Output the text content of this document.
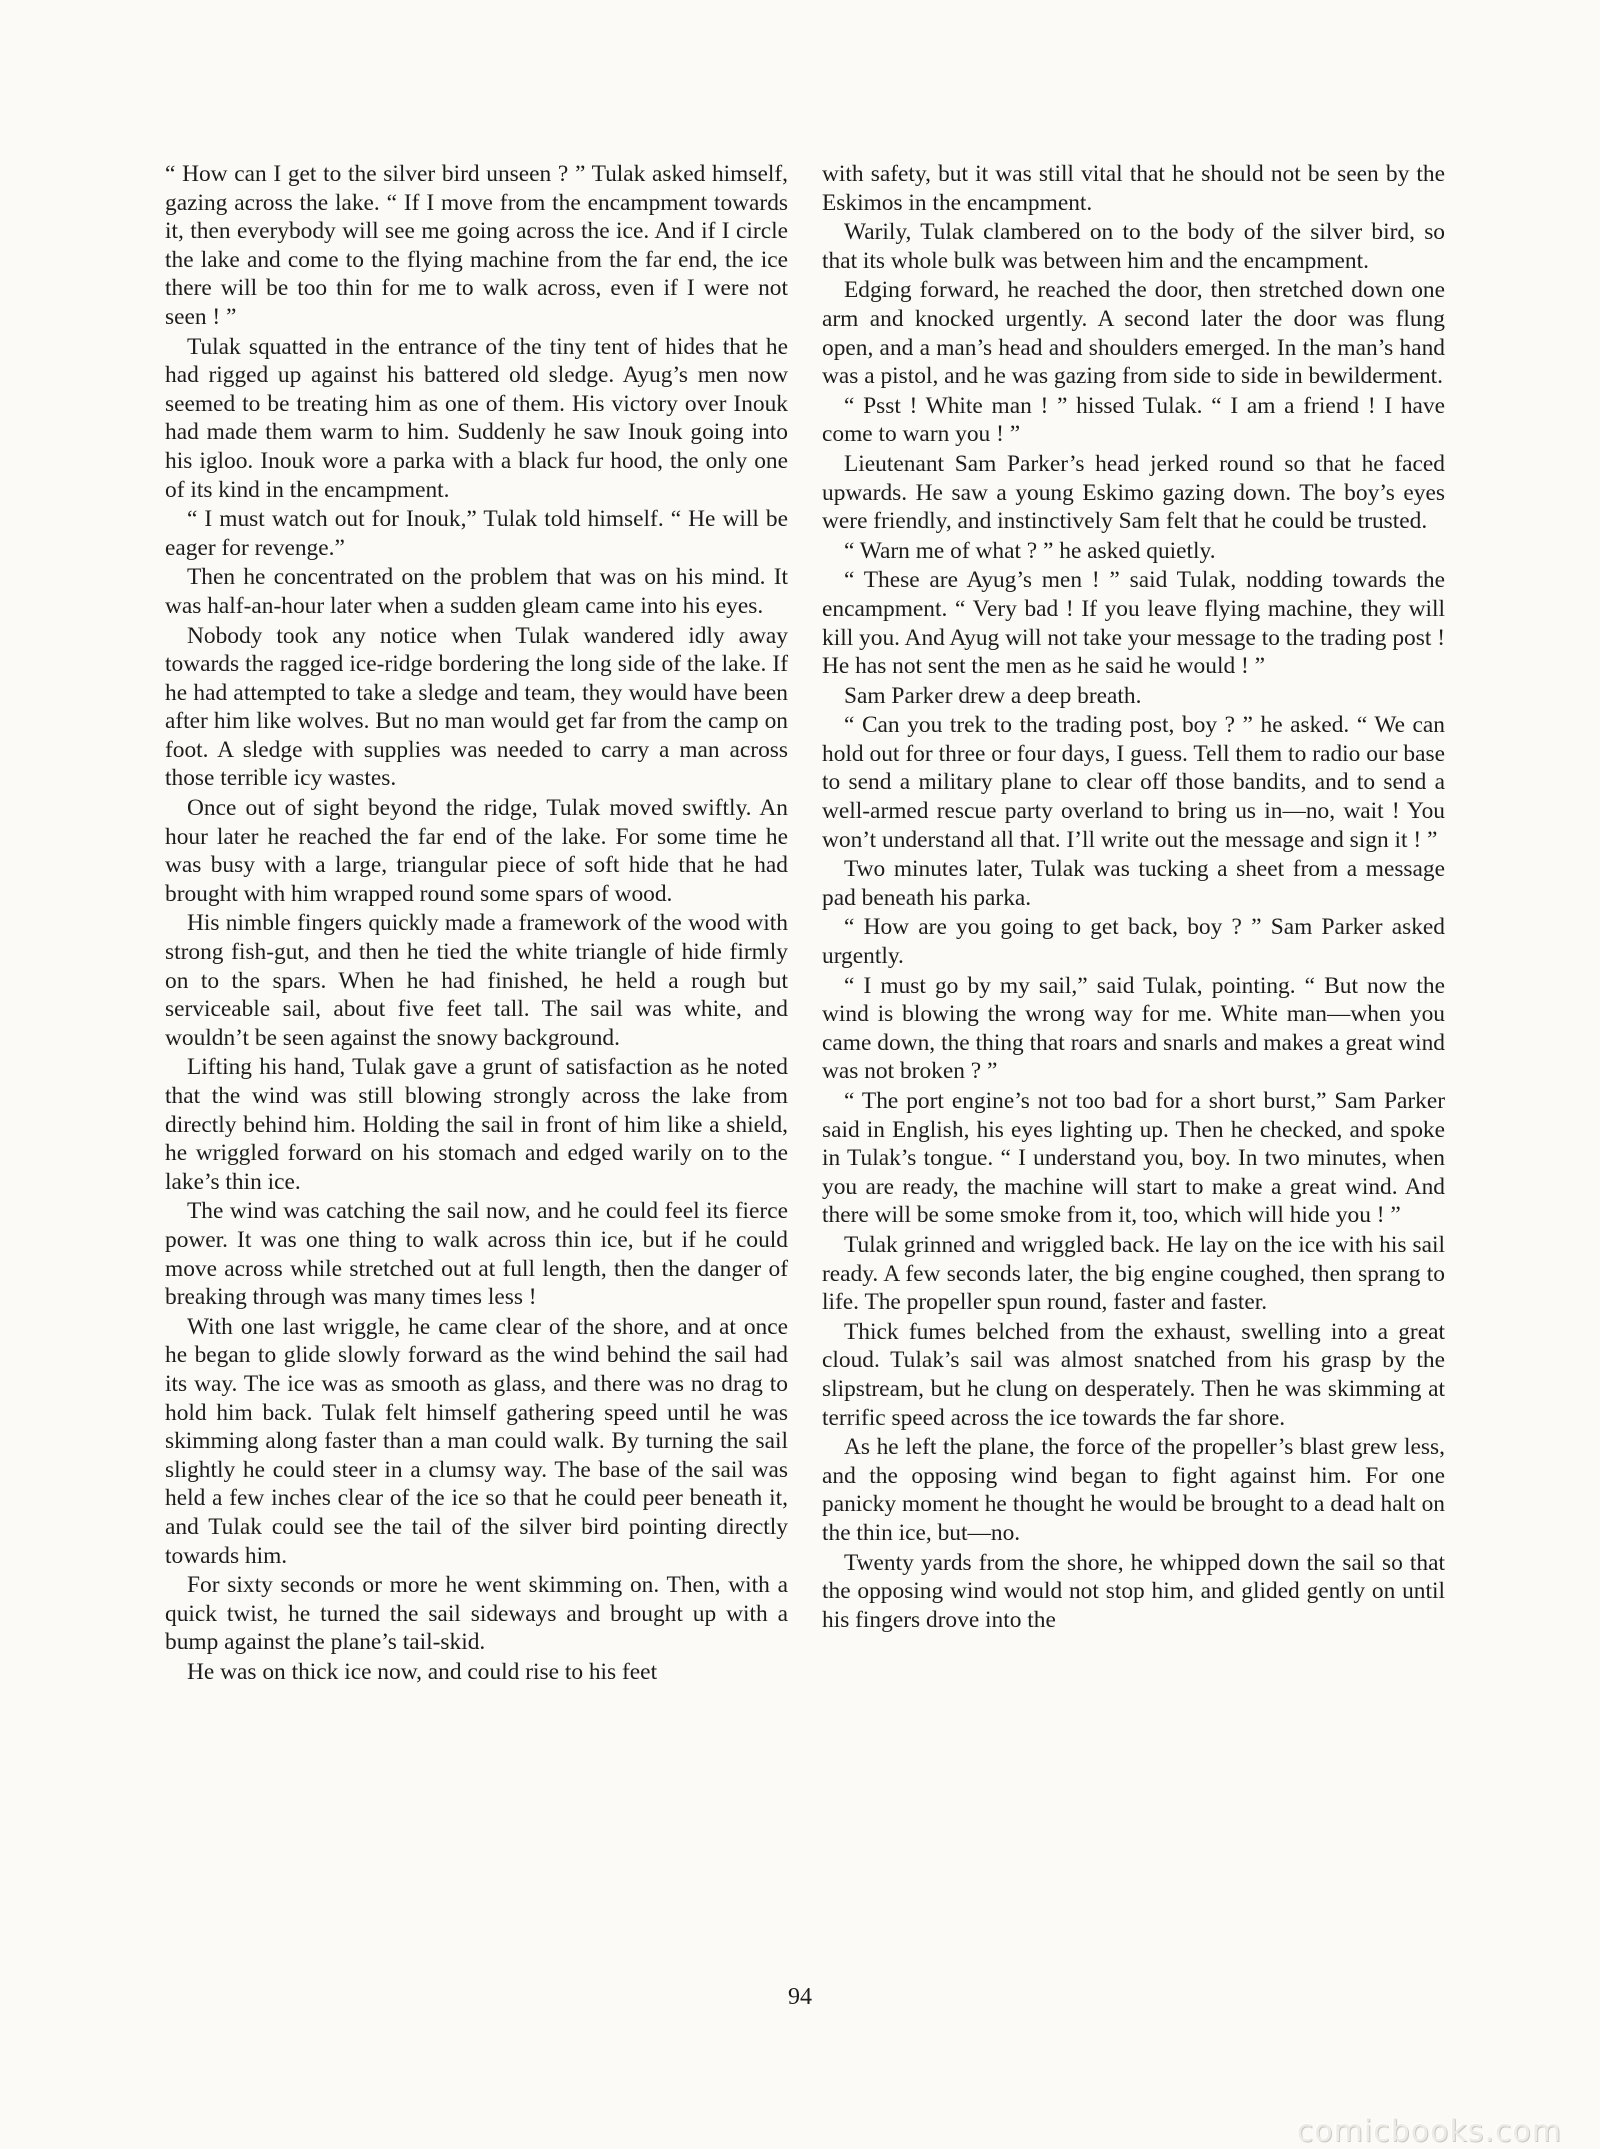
“ How can I get to the silver bird unseen ? ” Tulak asked himself, gazing across the lake. “ If I move from the encampment towards it, then everybody will see me going across the ice. And if I circle the lake and come to the flying machine from the far end, the ice there will be too thin for me to walk across, even if I were not seen ! ”

Tulak squatted in the entrance of the tiny tent of hides that he had rigged up against his battered old sledge. Ayug’s men now seemed to be treating him as one of them. His victory over Inouk had made them warm to him. Suddenly he saw Inouk going into his igloo. Inouk wore a parka with a black fur hood, the only one of its kind in the encampment.

“ I must watch out for Inouk,” Tulak told himself. “ He will be eager for revenge.”

Then he concentrated on the problem that was on his mind. It was half-an-hour later when a sudden gleam came into his eyes.

Nobody took any notice when Tulak wandered idly away towards the ragged ice-ridge bordering the long side of the lake. If he had attempted to take a sledge and team, they would have been after him like wolves. But no man would get far from the camp on foot. A sledge with supplies was needed to carry a man across those terrible icy wastes.

Once out of sight beyond the ridge, Tulak moved swiftly. An hour later he reached the far end of the lake. For some time he was busy with a large, triangular piece of soft hide that he had brought with him wrapped round some spars of wood.

His nimble fingers quickly made a framework of the wood with strong fish-gut, and then he tied the white triangle of hide firmly on to the spars. When he had finished, he held a rough but serviceable sail, about five feet tall. The sail was white, and wouldn’t be seen against the snowy background.

Lifting his hand, Tulak gave a grunt of satisfaction as he noted that the wind was still blowing strongly across the lake from directly behind him. Holding the sail in front of him like a shield, he wriggled forward on his stomach and edged warily on to the lake’s thin ice.

The wind was catching the sail now, and he could feel its fierce power. It was one thing to walk across thin ice, but if he could move across while stretched out at full length, then the danger of breaking through was many times less !

With one last wriggle, he came clear of the shore, and at once he began to glide slowly forward as the wind behind the sail had its way. The ice was as smooth as glass, and there was no drag to hold him back. Tulak felt himself gathering speed until he was skimming along faster than a man could walk. By turning the sail slightly he could steer in a clumsy way. The base of the sail was held a few inches clear of the ice so that he could peer beneath it, and Tulak could see the tail of the silver bird pointing directly towards him.

For sixty seconds or more he went skimming on. Then, with a quick twist, he turned the sail sideways and brought up with a bump against the plane’s tail-skid.

He was on thick ice now, and could rise to his feet

with safety, but it was still vital that he should not be seen by the Eskimos in the encampment.

Warily, Tulak clambered on to the body of the silver bird, so that its whole bulk was between him and the encampment.

Edging forward, he reached the door, then stretched down one arm and knocked urgently. A second later the door was flung open, and a man’s head and shoulders emerged. In the man’s hand was a pistol, and he was gazing from side to side in bewilderment.

“ Psst ! White man ! ” hissed Tulak. “ I am a friend ! I have come to warn you ! ”

Lieutenant Sam Parker’s head jerked round so that he faced upwards. He saw a young Eskimo gazing down. The boy’s eyes were friendly, and instinctively Sam felt that he could be trusted.

“ Warn me of what ? ” he asked quietly.

“ These are Ayug’s men ! ” said Tulak, nodding towards the encampment. “ Very bad ! If you leave flying machine, they will kill you. And Ayug will not take your message to the trading post ! He has not sent the men as he said he would ! ”

Sam Parker drew a deep breath.

“ Can you trek to the trading post, boy ? ” he asked. “ We can hold out for three or four days, I guess. Tell them to radio our base to send a military plane to clear off those bandits, and to send a well-armed rescue party overland to bring us in—no, wait ! You won’t understand all that. I’ll write out the message and sign it ! ”

Two minutes later, Tulak was tucking a sheet from a message pad beneath his parka.

“ How are you going to get back, boy ? ” Sam Parker asked urgently.

“ I must go by my sail,” said Tulak, pointing. “ But now the wind is blowing the wrong way for me. White man—when you came down, the thing that roars and snarls and makes a great wind was not broken ? ”

“ The port engine’s not too bad for a short burst,” Sam Parker said in English, his eyes lighting up. Then he checked, and spoke in Tulak’s tongue. “ I understand you, boy. In two minutes, when you are ready, the machine will start to make a great wind. And there will be some smoke from it, too, which will hide you ! ”

Tulak grinned and wriggled back. He lay on the ice with his sail ready. A few seconds later, the big engine coughed, then sprang to life. The propeller spun round, faster and faster.

Thick fumes belched from the exhaust, swelling into a great cloud. Tulak’s sail was almost snatched from his grasp by the slipstream, but he clung on desperately. Then he was skimming at terrific speed across the ice towards the far shore.

As he left the plane, the force of the propeller’s blast grew less, and the opposing wind began to fight against him. For one panicky moment he thought he would be brought to a dead halt on the thin ice, but—no.

Twenty yards from the shore, he whipped down the sail so that the opposing wind would not stop him, and glided gently on until his fingers drove into the

94
comicbooks.com
